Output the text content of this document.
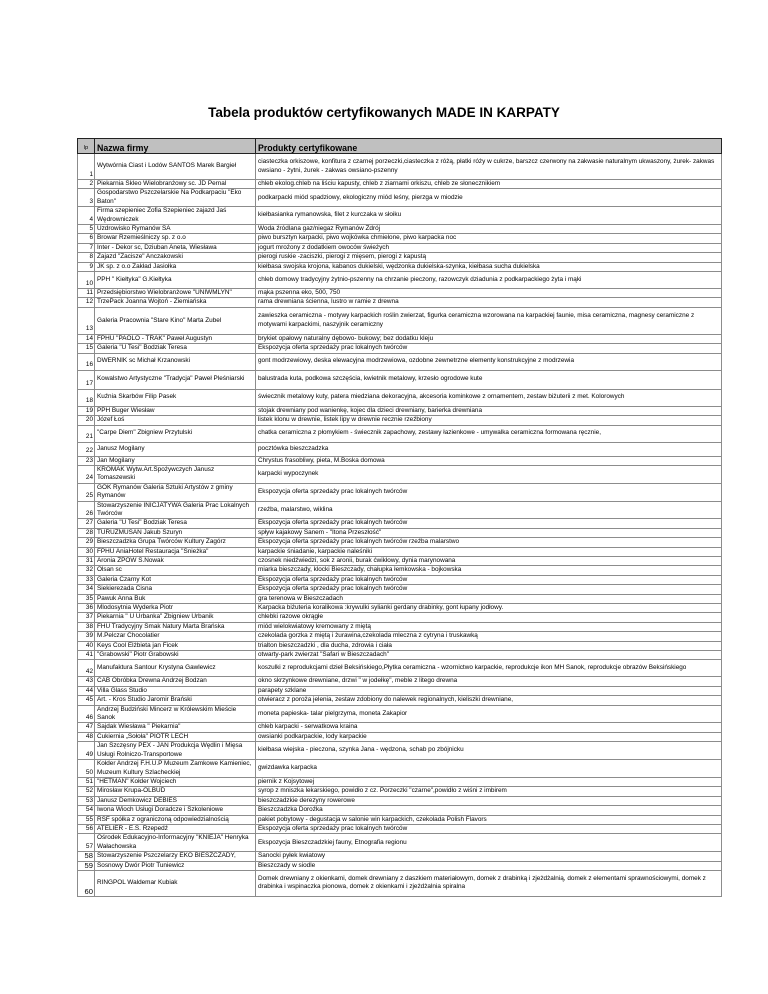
Tabela produktów certyfikowanych MADE IN KARPATY
lp	Nazwa firmy	Produkty certyfikowane
1	Wytwórnia Ciast i Lodów SANTOS Marek Bargieł	ciasteczka orkiszowe, konfitura z czarnej porzeczki,ciasteczka z różą, płatki róży w cukrze, barszcz czerwony na zakwasie naturalnym ukwaszony, żurek- zakwas owsiano - żytni, żurek - zakwas owsiano-pszenny
2	Piekarnia Skleo Wielobranżowy sc. JD Pernal	chleb ekolog.chleb na liściu kapusty, chleb z ziarnami orkiszu, chleb ze słonecznikiem
3	Gospodarstwo Pszczelarskie Na Podkarpaciu "Eko Baton"	podkarpacki miód spadziowy, ekologiczny miód leśny, pierzga w miodzie
4	Firma szepieniec Zofia Szepieniec zajazd Jaś Wędrowniczek	kiełbasianka rymanowska, filet z kurczaka w słoiku
5	Uzdrowisko Rymanów SA	Woda źródlana gaz/niegaz Rymanów Zdrój
6	Browar Rzemieślniczy sp. z o.o	piwo bursztyn karpacki, piwo wojkówka chmielone, piwo karpacka noc
7	Inter - Dekor sc, Dziuban Aneta, Wiesława	jogurt mrożony z dodatkiem owoców świeżych
8	Zajazd "Zacisze" Anczakowski	pierogi ruskie -zaciszki, pierogi z mięsem, pierogi z kapustą
9	JK sp. z o.o Zakład Jasiołka	kiełbasa swojska krojona, kabanos dukielski, wędzonka dukielska-szynka, kiełbasa sucha dukielska
10	PPH " Kiełtyka" G.Kiełtyka	chleb domowy tradycyjny żytnio-pszenny na chrzanie pieczony, razowczyk dziadunia z podkarpackiego żyta i mąki
11	Przedsiębiorstwo Wielobranżowe "UNIWMLYN"	mąka pszenna eko, 500, 750
12	TrzePack Joanna Wojtoń - Ziemiańska	rama drewniana ścienna, lustro w ramie z drewna
13	Galeria Pracownia "Stare Kino" Marta Zubel	zawieszka ceramiczna - motywy karpackich roślin zwierzat, figurka ceramiczna wzorowana na karpackiej faunie, misa ceramiczna, magnesy ceramiczne z motywami karpackimi, naszyjnik ceramiczny
14	FPHU "PAOLO - TRAK" Paweł Augustyn	brykiet opałowy naturalny dębowo- bukowy; bez dodatku kleju
15	Galeria "U Tesi" Bodziak Teresa	Ekspozycja oferta sprzedaży prac lokalnych twórców
16	DWERNIK sc Michał Krzanowski	gont modrzewiowy, deska elewacyjna modrzewiowa, ozdobne zewnetrzne elementy konstrukcyjne z modrzewia
17	Kowalstwo Artystyczne "Tradycja" Paweł Pleśniarski	balustrada kuta, podkowa szczęścia, kwietnik metalowy, krzesło ogrodowe kute
18	Kuźnia Skarbów Filip Pasek	świecznik metalowy kuty, patera miedziana dekoracyjna, akcesoria kominkowe z ornamentem, zestaw biżuterii z met. Kolorowych
19	PPH Buger Wiesław	stojak drewniany pod wanienkę, kojec dla dzieci drewniany, barierka drewniana
20	Józef Łoś	listek klonu w drewnie, listek lipy w drewnie recznie rzeźbiony
21	"Carpe Diem" Zbigniew Przytulski	chatka ceramiczna z płomykiem - świecznik zapachowy, zestawy łazienkowe - umywalka ceramiczna formowana ręcznie,
22	Janusz Mogilany	pocztówka bieszczadzka
23	Jan Mogilany	Chrystus frasobliwy, pieta, M.Boska domowa
24	KROMAK Wytw.Art.Spożywczych Janusz Tomaszewski	karpacki wypoczynek
25	GOK Rymanów Galeria Sztuki Artystów z gminy Rymanów	Ekspozycja oferta sprzedaży prac lokalnych twórców
26	Stowarzyszenie INICJATYWA Galeria Prac Lokalnych Twórców	rzeźba, malarstwo, wiklina
27	Galeria "U Tesi" Bodziak Teresa	Ekspozycja oferta sprzedaży prac lokalnych twórców
28	TURUZMUSAN Jakub Szuryn	spływ kajakowy Sanem - "Itona Przeszłość"
29	Bieszczadzka Grupa Twórców Kultury Zagórz	Ekspozycja oferta sprzedaży prac lokalnych twórców rzeźba malarstwo
30	FPHU AniaHotel Restauracja "Śnieżka"	karpackie śniadanie, karpackie naleśniki
31	Aronia ZPOW S.Nowak	czosnek niedźwiedzi, sok z aronii, burak ćwikłowy, dynia marynowana
32	Olsan sc	miarka bieszczady, klocki Bieszczady, chałupka łemkowska - bojkowska
33	Galeria Czarny Kot	Ekspozycja oferta sprzedaży prac lokalnych twórców
34	Siekierezada Cisna	Ekspozycja oferta sprzedaży prac lokalnych twórców
35	Pawuk Anna Buk	gra terenowa w Bieszczadach
36	Mlodosytnia Wyderka Piotr	Karpacka biżuteria koralikowa :krywulki sylianki gerdany drabinky, gont łupany jodłowy.
37	Piekarnia " U Urbanka" Zbigniew Urbanik	chlebki razowe okrągłe
38	FHU Tradycyjny Smak Natury Marta Brańska	miód wielokwiatowy kremowany z miętą
39	M.Pelczar Chocolatier	czekolada gorzka z miętą i żurawina,czekolada mleczna z cytryna i truskawką
40	Keys Cool Elżbieta jan Ficek	trialton bieszczadzki , dla ducha, zdrowia i ciała
41	"Grabowski" Piotr Grabowski	otwarty-park zwierzat "Safari w Bieszczadach"
42	Manufaktura Santour Krystyna Gawlewicz	koszulki z reprodukcjami dzieł Beksińskiego,Płytka ceramiczna - wzornictwo karpackie, reprodukcje ikon MH Sanok, reprodukcje obrazów Beksińskiego
43	CAB Obróbka Drewna Andrzej Bodzan	okno skrzynkowe drewniane, drzwi " w jodełkę", meble z litego drewna
44	Villa Glass Studio	parapety szklane
45	Art. - Kros Studio Jaromir Brański	otwieracz z poroża jelenia, zestaw zdobiony do nalewek regionalnych, kieliszki drewniane,
46	Andrzej Budziński Mincerz w Królewskim Mieście Sanok	moneta papieska- talar pielgrzyma, moneta Zakapior
47	Sajdak Wiesława " Piekarnia"	chleb karpacki - serwatkowa kraina
48	Cukiernia „Sołoła" PIOTR LECH	owsianki podkarpackie, lody karpackie
49	Jan Szczęsny PEX - JAN Produkcja Wędlin i Mięsa Usługi Rolniczo-Transportowe	kiełbasa wiejska - pieczona, szynka Jana - wędzona, schab po zbójnicku
50	Kołder Andrzej F.H.U.P Muzeum Zamkowe Kamieniec, Muzeum Kultury Szlacheckiej	gwizdawka karpacka
51	"HETMAN" Kołder Wojciech	piernik z Kojsytowej
52	Mirosław Krupa-OLBUD	syrop z mniszka lekarskiego, powidło z cz. Porzeczki "czarne",powidło z wiśni z imbirem
53	Janusz Demkowicz DEBIES	bieszczadzkie derezyny rowerowe
54	Iwona Wioch Usługi Doradcze i Szkoleniowe	Bieszczadzka Doroźka
55	RSF spółka z ograniczoną odpowiedzialnością	pakiet pobytowy - degustacja w salonie win karpackich, czekolada Polish Flavors
56	ATELIER - E.S. Rzepedź	Ekspozycja oferta sprzedaży prac lokalnych twórców
57	Ośrodek Edukacyjno-Informacyjny "KNIEJA" Henryka Wałachowska	Ekspozycja Bieszczadzkiej fauny, Etnografia regionu
58	Stowarzyszenie Pszczelarzy EKO BIESZCZADY,	Sanocki pyłek kwiatowy
59	Sosnowy Dwór Piotr Tuniewicz	Bieszczady w siodle
60	RINGPOL Waldemar Kubiak	Domek drewniany z okienkami, domek drewniany z daszkiem materiałowym, domek z drabinką i zjeżdżalnią, domek z elementami sprawnościowymi, domek z drabinka i wspinaczka pionowa, domek z okienkami i zjeżdżalnia spiralna
